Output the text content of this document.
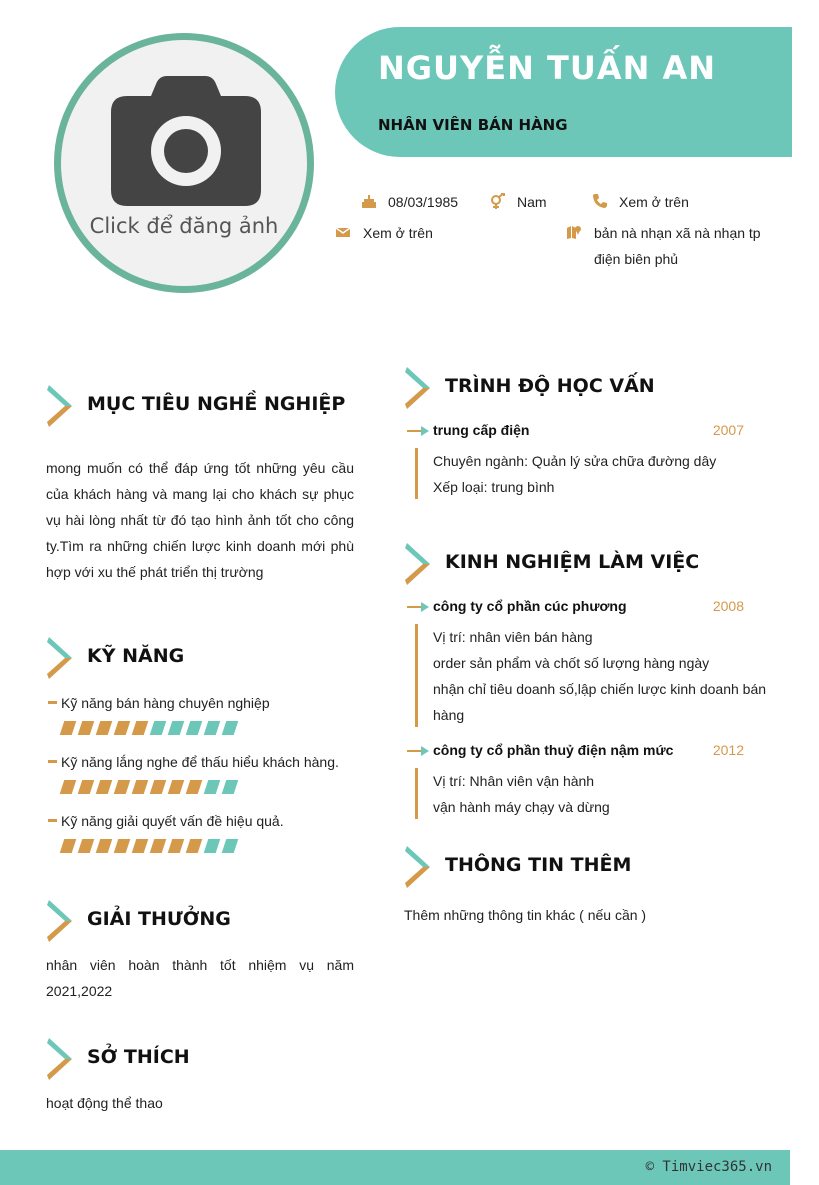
Click để đăng ảnh
NGUYỄN TUẤN AN
NHÂN VIÊN BÁN HÀNG
08/03/1985	Nam	Xem ở trên
Xem ở trên	bản nà nhạn xã nà nhạn tp điện biên phủ
MỤC TIÊU NGHỀ NGHIỆP
mong muốn có thể đáp ứng tốt những yêu cầu của khách hàng và mang lại cho khách sự phục vụ hài lòng nhất từ đó tạo hình ảnh tốt cho công ty.Tìm ra những chiến lược kinh doanh mới phù hợp với xu thế phát triển thị trường
KỸ NĂNG
Kỹ năng bán hàng chuyên nghiệp
Kỹ năng lắng nghe để thấu hiểu khách hàng.
Kỹ năng giải quyết vấn đề hiệu quả.
GIẢI THƯỞNG
nhân viên hoàn thành tốt nhiệm vụ năm 2021,2022
SỞ THÍCH
hoạt động thể thao
TRÌNH ĐỘ HỌC VẤN
trung cấp điện	2007
Chuyên ngành: Quản lý sửa chữa đường dây
Xếp loại: trung bình
KINH NGHIỆM LÀM VIỆC
công ty cổ phần cúc phương	2008
Vị trí: nhân viên bán hàng
order sản phẩm và chốt số lượng hàng ngày
nhận chỉ tiêu doanh số,lập chiến lược kinh doanh bán hàng
công ty cổ phần thuỷ điện nậm mức	2012
Vị trí: Nhân viên vận hành
vận hành máy chạy và dừng
THÔNG TIN THÊM
Thêm những thông tin khác ( nếu cần )
© Timviec365.vn
